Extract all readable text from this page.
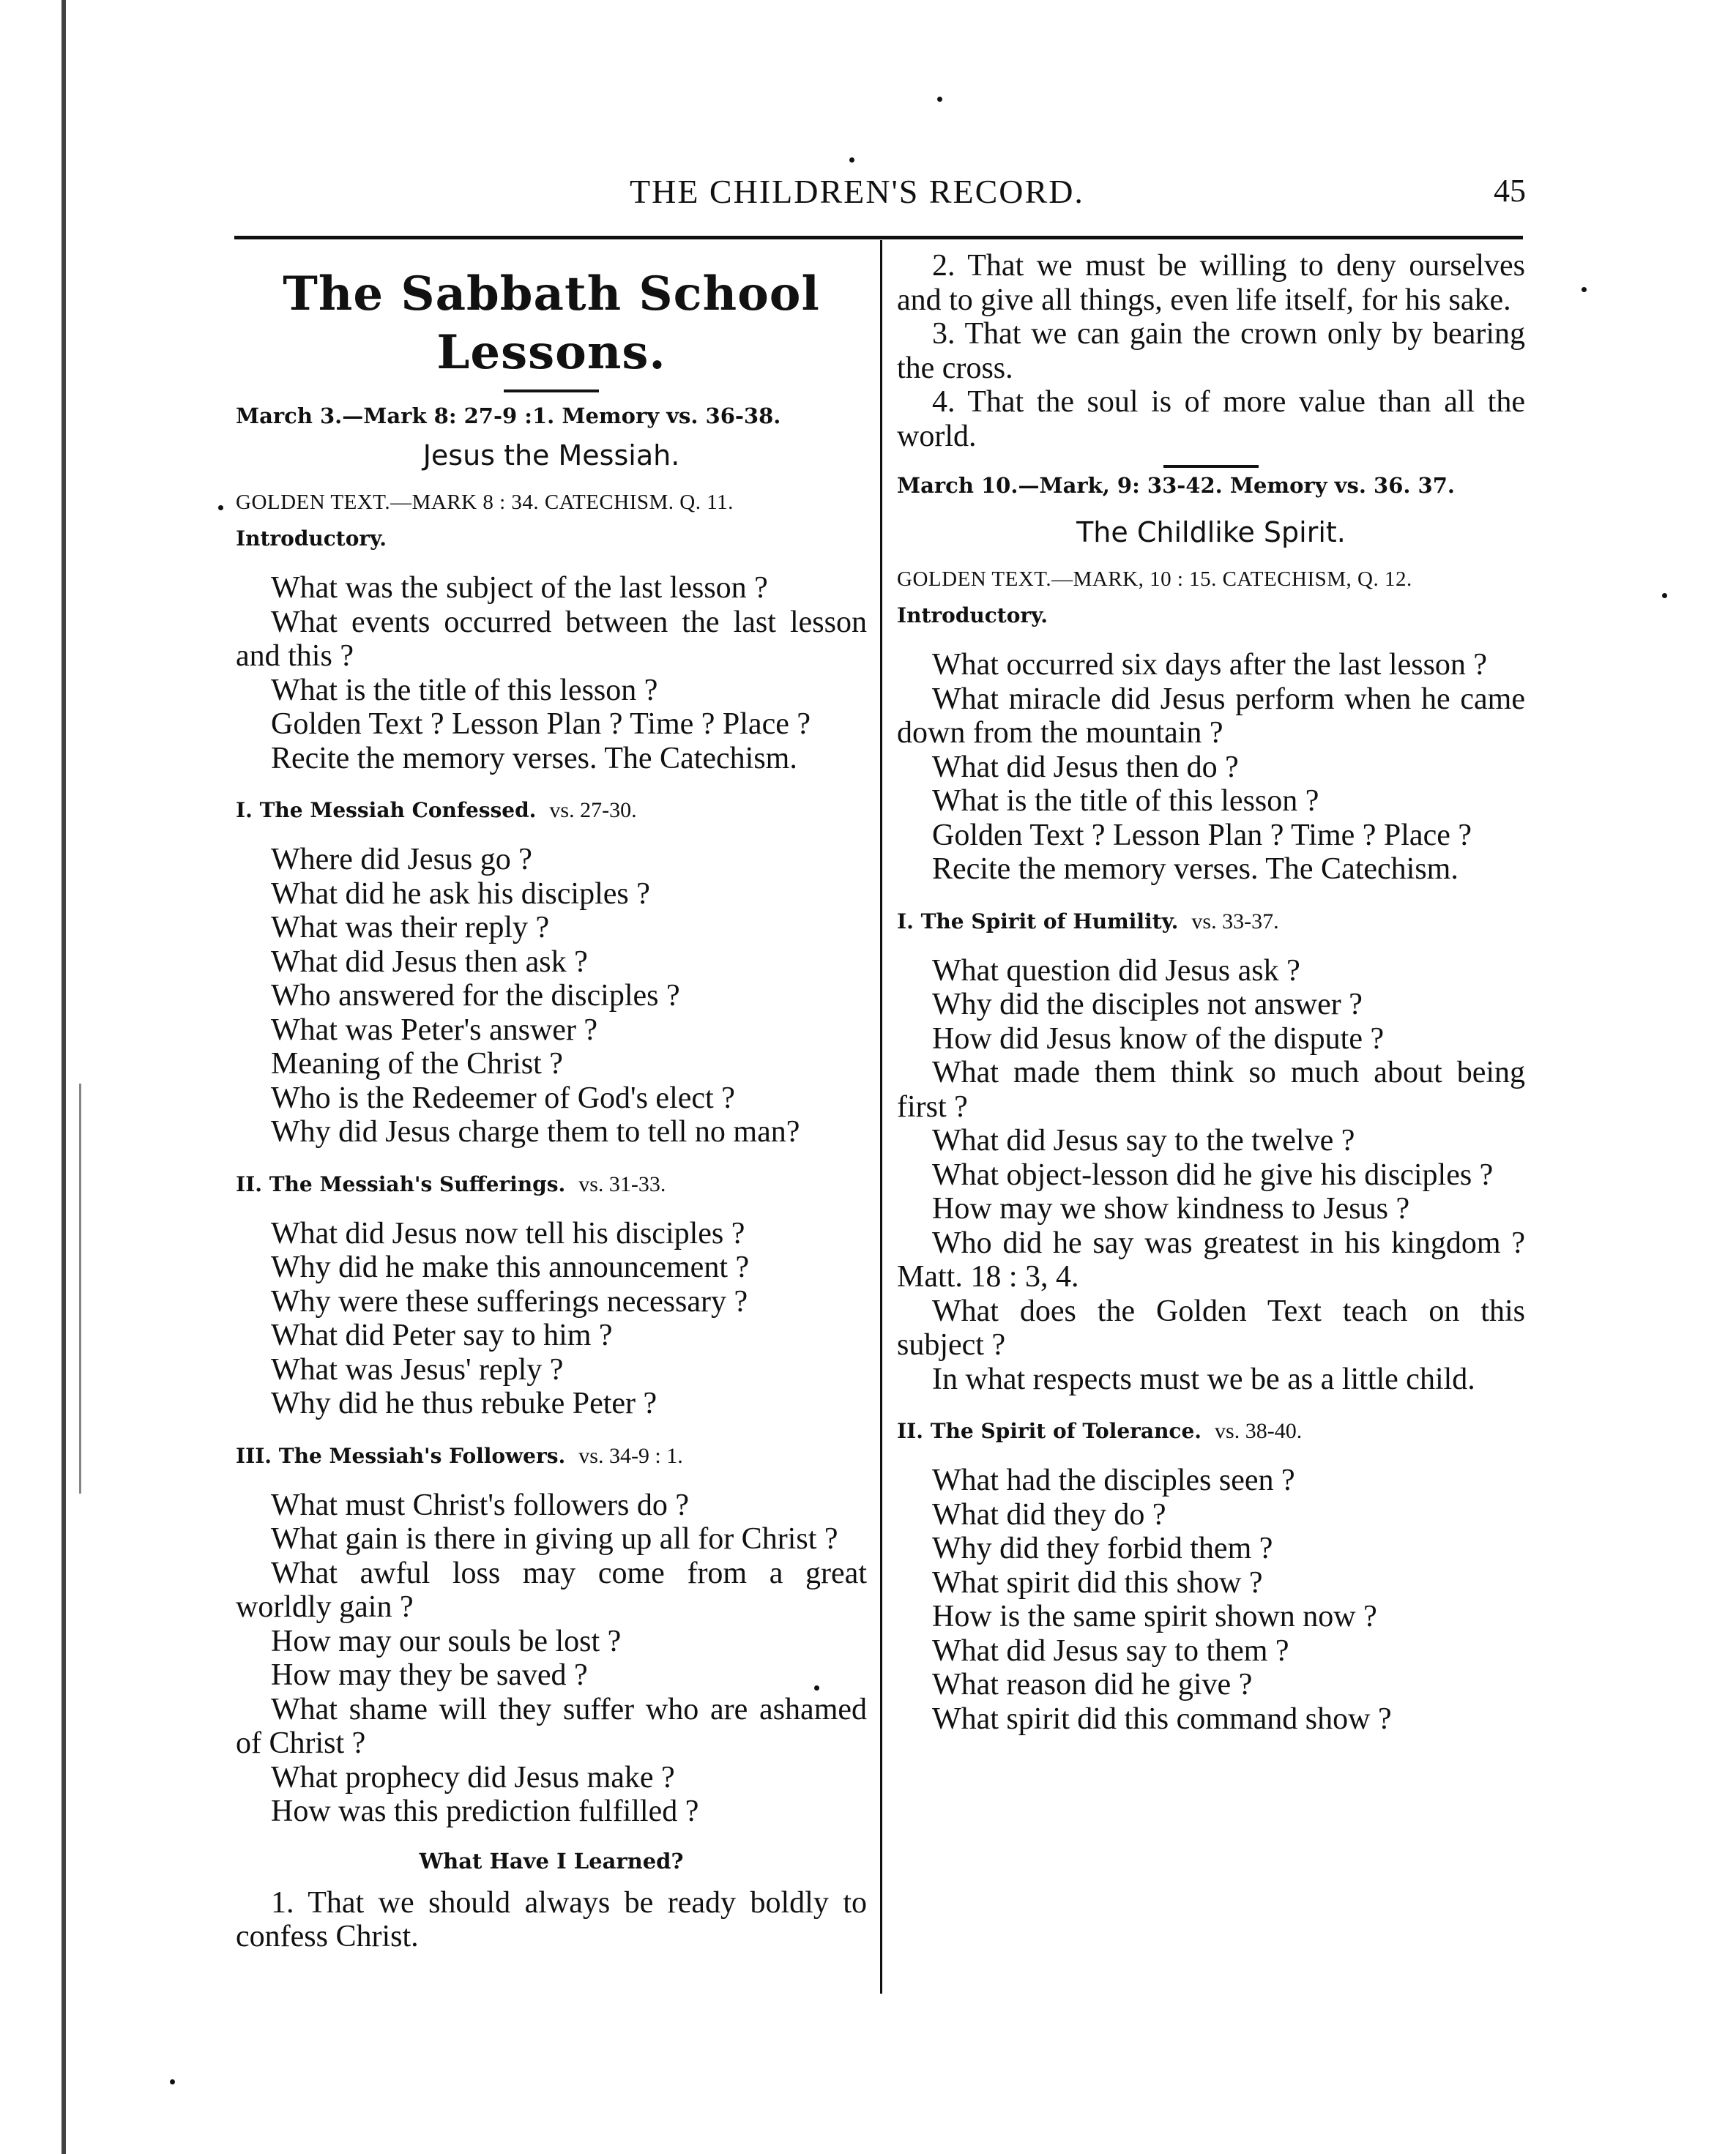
THE CHILDREN'S RECORD.	45
The Sabbath School Lessons.
March 3.—Mark 8: 27-9 :1. Memory vs. 36-38.
Jesus the Messiah.
GOLDEN TEXT.—MARK 8 : 34. CATECHISM. Q. 11.
Introductory.

What was the subject of the last lesson ?

What events occurred between the last lesson and this ?

What is the title of this lesson ?

Golden Text ? Lesson Plan ? Time ? Place ?

Recite the memory verses. The Catechism.

I. The Messiah Confessed. vs. 27-30.

Where did Jesus go ?

What did he ask his disciples ?

What was their reply ?

What did Jesus then ask ?

Who answered for the disciples ?

What was Peter's answer ?

Meaning of the Christ ?

Who is the Redeemer of God's elect ?

Why did Jesus charge them to tell no man?

II. The Messiah's Sufferings. vs. 31-33.

What did Jesus now tell his disciples ?

Why did he make this announcement ?

Why were these sufferings necessary ?

What did Peter say to him ?

What was Jesus' reply ?

Why did he thus rebuke Peter ?

III. The Messiah's Followers. vs. 34-9 : 1.

What must Christ's followers do ?

What gain is there in giving up all for Christ ?

What awful loss may come from a great worldly gain ?

How may our souls be lost ?

How may they be saved ?

What shame will they suffer who are ashamed of Christ ?

What prophecy did Jesus make ?

How was this prediction fulfilled ?

What Have I Learned?

1. That we should always be ready boldly to confess Christ.

2. That we must be willing to deny ourselves and to give all things, even life itself, for his sake.

3. That we can gain the crown only by bearing the cross.

4. That the soul is of more value than all the world.

March 10.—Mark, 9: 33-42. Memory vs. 36. 37.
The Childlike Spirit.
GOLDEN TEXT.—MARK, 10 : 15. CATECHISM, Q. 12.
Introductory.

What occurred six days after the last lesson ?

What miracle did Jesus perform when he came down from the mountain ?

What did Jesus then do ?

What is the title of this lesson ?

Golden Text ? Lesson Plan ? Time ? Place ?

Recite the memory verses. The Catechism.

I. The Spirit of Humility. vs. 33-37.

What question did Jesus ask ?

Why did the disciples not answer ?

How did Jesus know of the dispute ?

What made them think so much about being first ?

What did Jesus say to the twelve ?

What object-lesson did he give his disciples ?

How may we show kindness to Jesus ?

Who did he say was greatest in his kingdom ? Matt. 18 : 3, 4.

What does the Golden Text teach on this subject ?

In what respects must we be as a little child.

II. The Spirit of Tolerance. vs. 38-40.

What had the disciples seen ?

What did they do ?

Why did they forbid them ?

What spirit did this show ?

How is the same spirit shown now ?

What did Jesus say to them ?

What reason did he give ?

What spirit did this command show ?
